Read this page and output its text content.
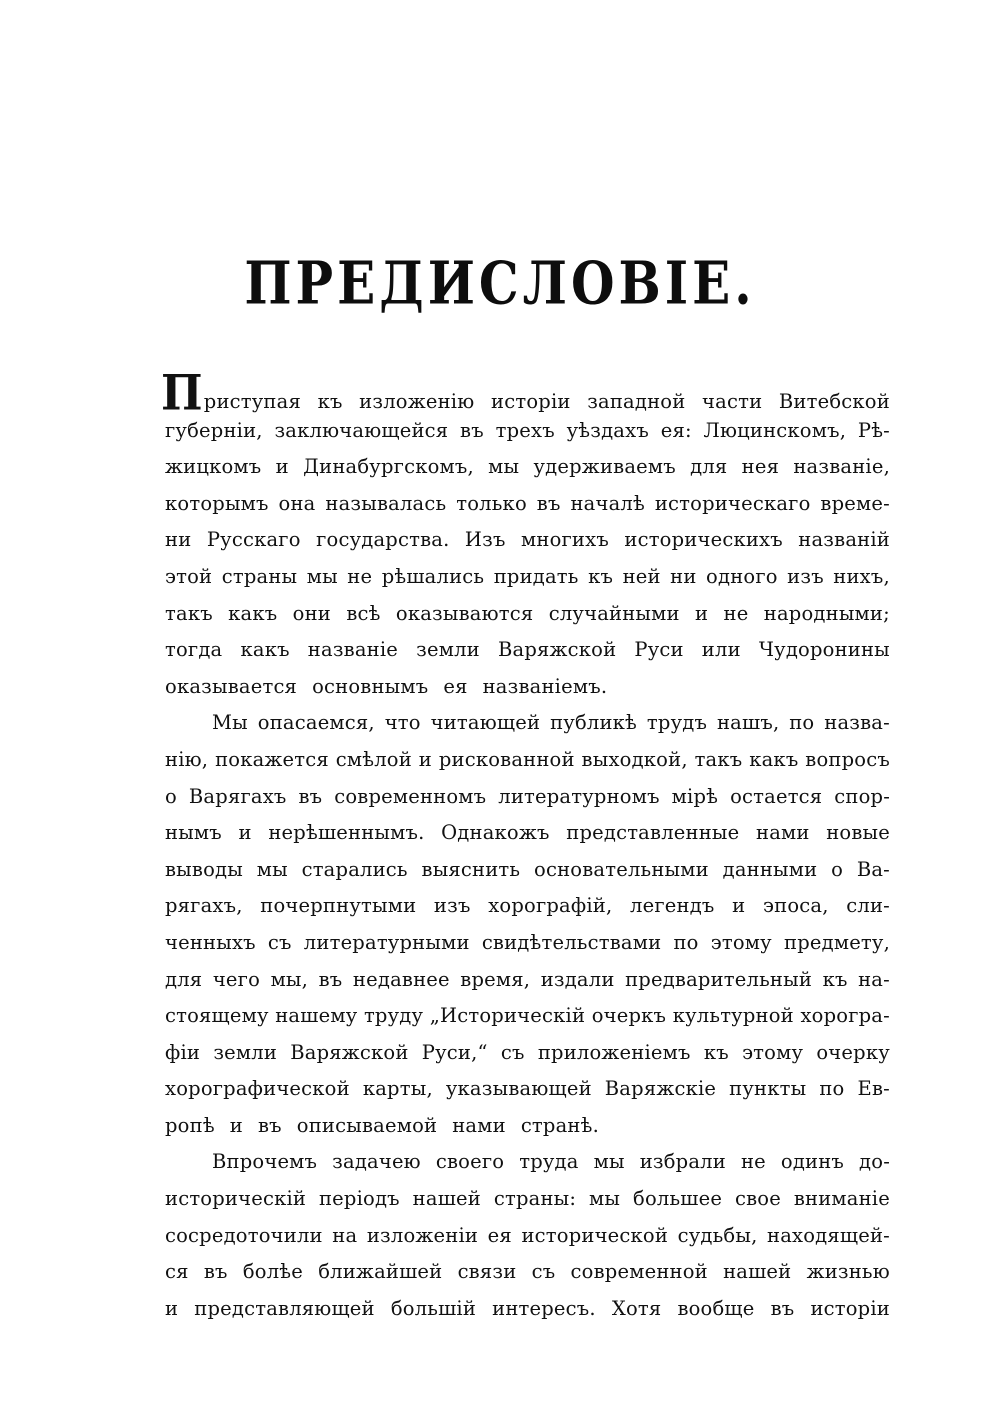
ПРЕДИСЛОВІЕ.
П риступая къ изложенію исторіи западной части Витебской
губерніи, заключающейся въ трехъ уѣздахъ ея: Люцинскомъ, Рѣ-
жицкомъ и Динабургскомъ, мы удерживаемъ для нея названіе,
которымъ она называлась только въ началѣ историческаго време-
ни Русскаго государства. Изъ многихъ историческихъ названій
этой страны мы не рѣшались придать къ ней ни одного изъ нихъ,
такъ какъ они всѣ оказываются случайными и не народными;
тогда какъ названіе земли Варяжской Руси или Чудоронины
оказывается основнымъ ея названіемъ.
Мы опасаемся, что читающей публикѣ трудъ нашъ, по назва-
нію, покажется смѣлой и рискованной выходкой, такъ какъ вопросъ
о Варягахъ въ современномъ литературномъ мірѣ остается спор-
нымъ и нерѣшеннымъ. Однакожъ представленные нами новые
выводы мы старались выяснить основательными данными о Ва-
рягахъ, почерпнутыми изъ хорографій, легендъ и эпоса, сли-
ченныхъ съ литературными свидѣтельствами по этому предмету,
для чего мы, въ недавнее время, издали предварительный къ на-
стоящему нашему труду „Историческій очеркъ культурной хорогра-
фіи земли Варяжской Руси,“ съ приложеніемъ къ этому очерку
хорографической карты, указывающей Варяжскіе пункты по Ев-
ропѣ и въ описываемой нами странѣ.
Впрочемъ задачею своего труда мы избрали не одинъ до-
историческій періодъ нашей страны: мы большее свое вниманіе
сосредоточили на изложеніи ея исторической судьбы, находящей-
ся въ болѣе ближайшей связи съ современной нашей жизнью
и представляющей большій интересъ. Хотя вообще въ исторіи
